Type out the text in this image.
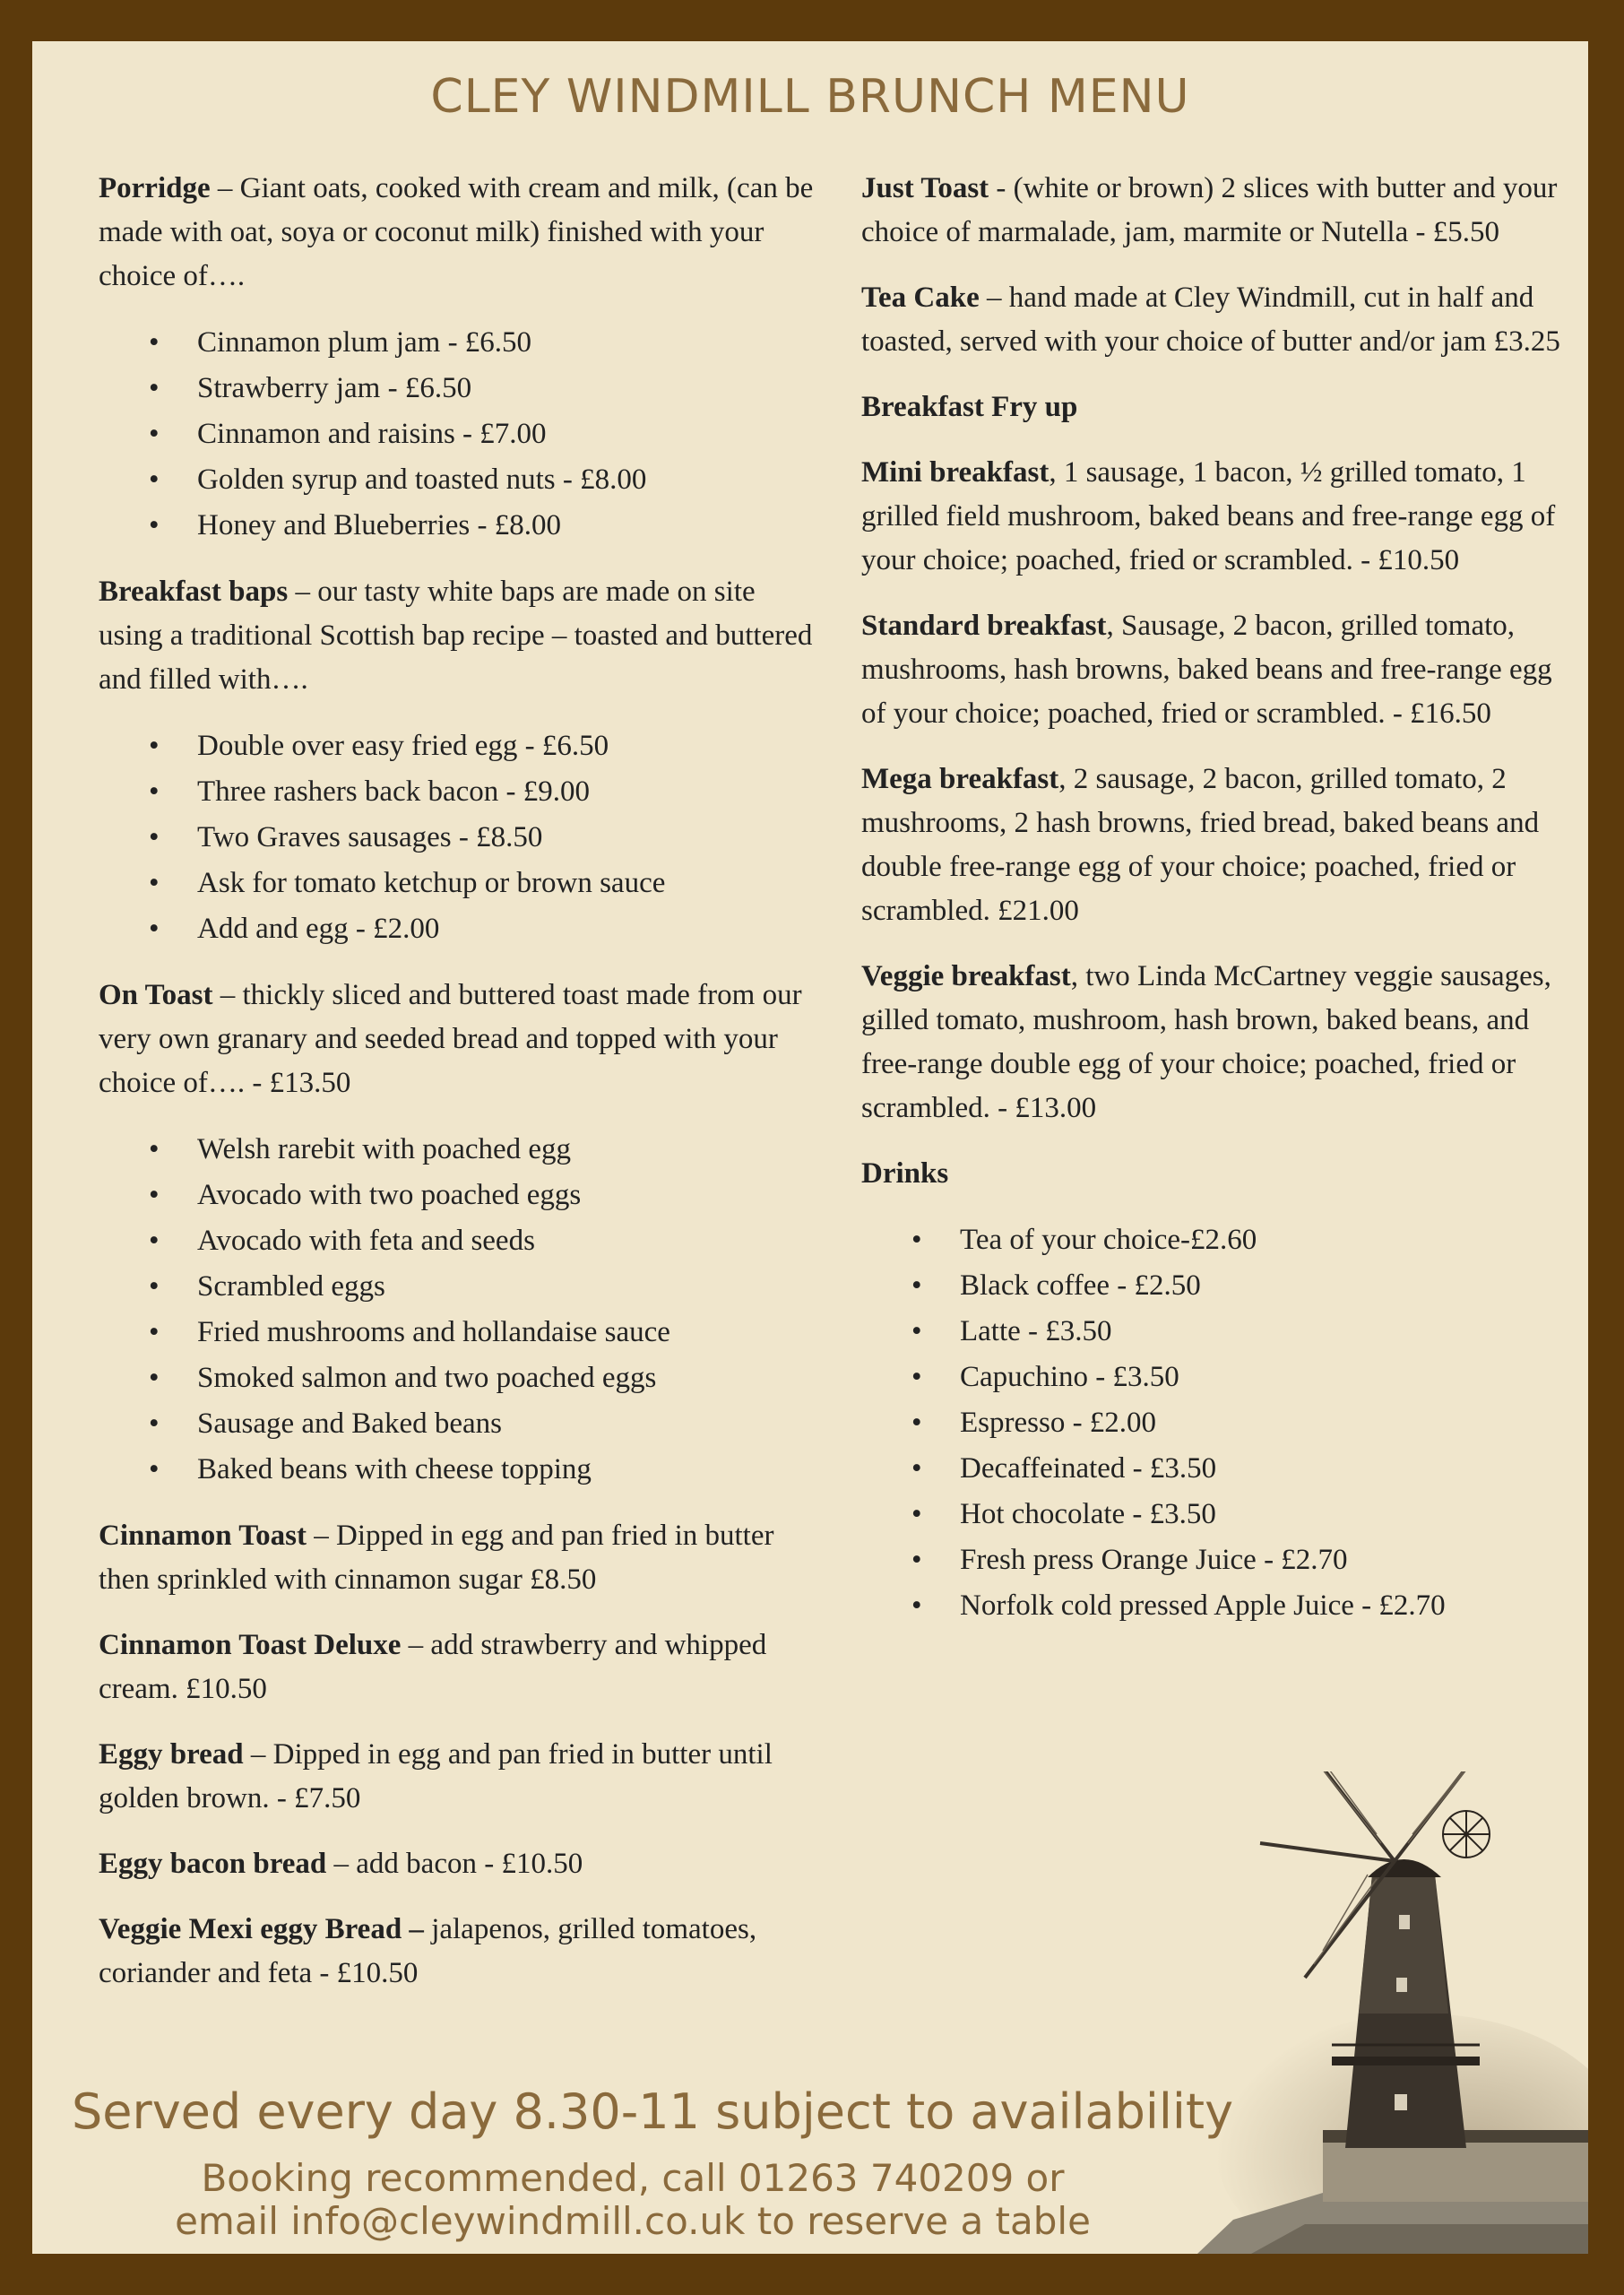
CLEY WINDMILL BRUNCH MENU

Porridge – Giant oats, cooked with cream and milk, (can be made with oat, soya or coconut milk) finished with your choice of….

• Cinnamon plum jam - £6.50
• Strawberry jam - £6.50
• Cinnamon and raisins - £7.00
• Golden syrup and toasted nuts - £8.00
• Honey and Blueberries - £8.00

Breakfast baps – our tasty white baps are made on site using a traditional Scottish bap recipe – toasted and buttered and filled with….

• Double over easy fried egg - £6.50
• Three rashers back bacon - £9.00
• Two Graves sausages - £8.50
• Ask for tomato ketchup or brown sauce
• Add and egg - £2.00

On Toast – thickly sliced and buttered toast made from our very own granary and seeded bread and topped with your choice of…. - £13.50

• Welsh rarebit with poached egg
• Avocado with two poached eggs
• Avocado with feta and seeds
• Scrambled eggs
• Fried mushrooms and hollandaise sauce
• Smoked salmon and two poached eggs
• Sausage and Baked beans
• Baked beans with cheese topping

Cinnamon Toast – Dipped in egg and pan fried in butter then sprinkled with cinnamon sugar £8.50

Cinnamon Toast Deluxe – add strawberry and whipped cream. £10.50

Eggy bread – Dipped in egg and pan fried in butter until golden brown. - £7.50

Eggy bacon bread – add bacon - £10.50

Veggie Mexi eggy Bread – jalapenos, grilled tomatoes, coriander and feta - £10.50

Just Toast - (white or brown) 2 slices with butter and your choice of marmalade, jam, marmite or Nutella - £5.50

Tea Cake – hand made at Cley Windmill, cut in half and toasted, served with your choice of butter and/or jam £3.25

Breakfast Fry up

Mini breakfast, 1 sausage, 1 bacon, ½ grilled tomato, 1 grilled field mushroom, baked beans and free-range egg of your choice; poached, fried or scrambled. - £10.50

Standard breakfast, Sausage, 2 bacon, grilled tomato, mushrooms, hash browns, baked beans and free-range egg of your choice; poached, fried or scrambled. - £16.50

Mega breakfast, 2 sausage, 2 bacon, grilled tomato, 2 mushrooms, 2 hash browns, fried bread, baked beans and double free-range egg of your choice; poached, fried or scrambled. £21.00

Veggie breakfast, two Linda McCartney veggie sausages, gilled tomato, mushroom, hash brown, baked beans, and free-range double egg of your choice; poached, fried or scrambled. - £13.00

Drinks

• Tea of your choice-£2.60
• Black coffee - £2.50
• Latte - £3.50
• Capuchino - £3.50
• Espresso - £2.00
• Decaffeinated - £3.50
• Hot chocolate - £3.50
• Fresh press Orange Juice - £2.70
• Norfolk cold pressed Apple Juice - £2.70
Served every day 8.30-11 subject to availability
Booking recommended, call 01263 740209 or
email info@cleywindmill.co.uk to reserve a table
